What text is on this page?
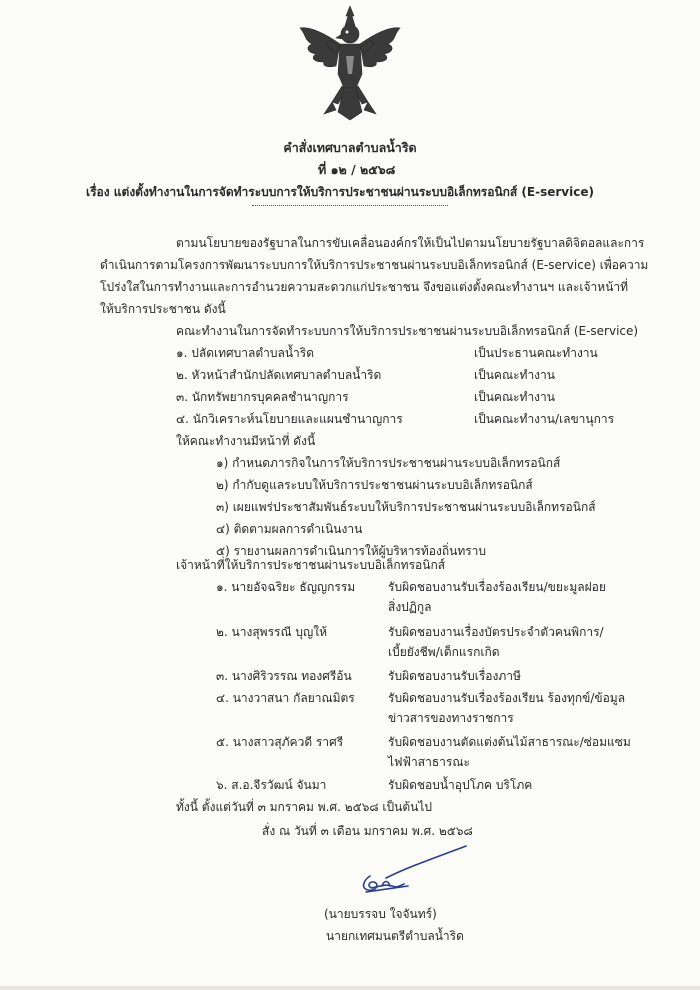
คำสั่งเทศบาลตำบลน้ำริด
ที่ ๑๒ / ๒๕๖๘
เรื่อง แต่งตั้งทำงานในการจัดทำระบบการให้บริการประชาชนผ่านระบบอิเล็กทรอนิกส์ (E-service)
ตามนโยบายของรัฐบาลในการขับเคลื่อนองค์กรให้เป็นไปตามนโยบายรัฐบาลดิจิตอลและการ
ดำเนินการตามโครงการพัฒนาระบบการให้บริการประชาชนผ่านระบบอิเล็กทรอนิกส์ (E-service) เพื่อความ
โปร่งใสในการทำงานและการอำนวยความสะดวกแก่ประชาชน จึงขอแต่งตั้งคณะทำงานฯ และเจ้าหน้าที่
ให้บริการประชาชน ดังนี้
คณะทำงานในการจัดทำระบบการให้บริการประชาชนผ่านระบบอิเล็กทรอนิกส์ (E-service)
๑. ปลัดเทศบาลตำบลน้ำริด	เป็นประธานคณะทำงาน
๒. หัวหน้าสำนักปลัดเทศบาลตำบลน้ำริด	เป็นคณะทำงาน
๓. นักทรัพยากรบุคคลชำนาญการ	เป็นคณะทำงาน
๔. นักวิเคราะห์นโยบายและแผนชำนาญการ	เป็นคณะทำงาน/เลขานุการ
ให้คณะทำงานมีหน้าที่ ดังนี้
๑) กำหนดภารกิจในการให้บริการประชาชนผ่านระบบอิเล็กทรอนิกส์
๒) กำกับดูแลระบบให้บริการประชาชนผ่านระบบอิเล็กทรอนิกส์
๓) เผยแพร่ประชาสัมพันธ์ระบบให้บริการประชาชนผ่านระบบอิเล็กทรอนิกส์
๔) ติดตามผลการดำเนินงาน
๕) รายงานผลการดำเนินการให้ผู้บริหารท้องถิ่นทราบ
เจ้าหน้าที่ให้บริการประชาชนผ่านระบบอิเล็กทรอนิกส์
๑. นายอัจฉริยะ ธัญญกรรม	รับผิดชอบงานรับเรื่องร้องเรียน/ขยะมูลฝอย
สิ่งปฏิกูล
๒. นางสุพรรณี บุญให้	รับผิดชอบงานเรื่องบัตรประจำตัวคนพิการ/
เบี้ยยังชีพ/เด็กแรกเกิด
๓. นางศิริวรรณ ทองศรีอ้น	รับผิดชอบงานรับเรื่องภาษี
๔. นางวาสนา กัลยาณมิตร	รับผิดชอบงานรับเรื่องร้องเรียน ร้องทุกข์/ข้อมูล
ข่าวสารของทางราชการ
๕. นางสาวสุภัควดี ราศรี	รับผิดชอบงานตัดแต่งต้นไม้สาธารณะ/ซ่อมแซม
ไฟฟ้าสาธารณะ
๖. ส.อ.จีรวัฒน์ จันมา	รับผิดชอบน้ำอุปโภค บริโภค
ทั้งนี้ ตั้งแต่วันที่ ๓ มกราคม พ.ศ. ๒๕๖๘ เป็นต้นไป
สั่ง ณ วันที่ ๓ เดือน มกราคม พ.ศ. ๒๕๖๘
(นายบรรจบ ใจจันทร์)
นายกเทศมนตรีตำบลน้ำริด
